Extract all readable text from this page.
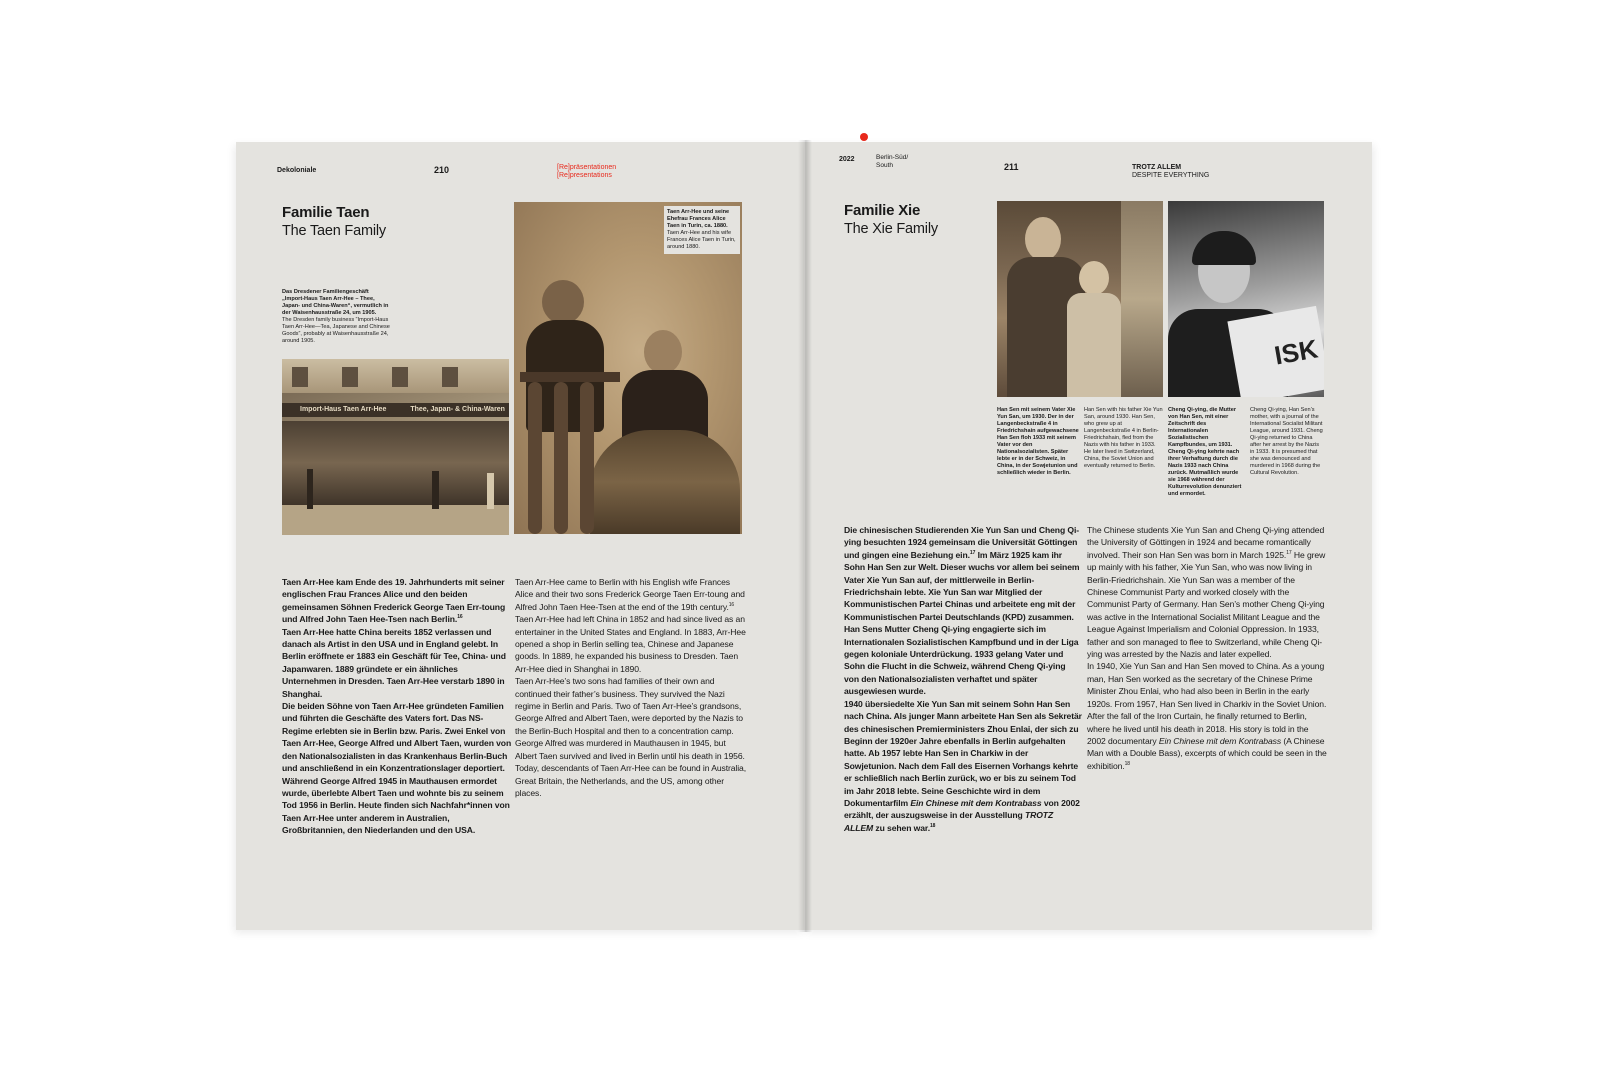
Dekoloniale	210	[Re]präsentationen
[Re]presentations
Familie Taen
The Taen Family
Das Dresdener Familiengeschäft „Import-Haus Taen Arr-Hee – Thee, Japan- und China-Waren“, vermutlich in der Waisenhausstraße 24, um 1905.
The Dresden family business “Import-Haus Taen Arr-Hee—Tea, Japanese and Chinese Goods”, probably at Waisenhausstraße 24, around 1905.
Import-Haus Taen Arr-Hee	Thee, Japan- & China-Waren
Taen Arr-Hee und seine Ehefrau Frances Alice Taen in Turin, ca. 1880.
Taen Arr-Hee and his wife Frances Alice Taen in Turin, around 1880.

Taen Arr-Hee kam Ende des 19. Jahrhunderts mit seiner englischen Frau Frances Alice und den beiden gemeinsamen Söhnen Frederick George Taen Err-toung und Alfred John Taen Hee-Tsen nach Berlin.$^{16}$

Taen Arr-Hee hatte China bereits 1852 verlassen und danach als Artist in den USA und in England gelebt. In Berlin eröffnete er 1883 ein Geschäft für Tee, China- und Japanwaren. 1889 gründete er ein ähnliches Unternehmen in Dresden. Taen Arr-Hee verstarb 1890 in Shanghai.

Die beiden Söhne von Taen Arr-Hee gründeten Familien und führten die Geschäfte des Vaters fort. Das NS-Regime erlebten sie in Berlin bzw. Paris. Zwei Enkel von Taen Arr-Hee, George Alfred und Albert Taen, wurden von den Nationalsozialisten in das Krankenhaus Berlin-Buch und anschließend in ein Konzentrationslager deportiert. Während George Alfred 1945 in Mauthausen ermordet wurde, überlebte Albert Taen und wohnte bis zu seinem Tod 1956 in Berlin. Heute finden sich Nachfahr*innen von Taen Arr-Hee unter anderem in Australien, Großbritannien, den Niederlanden und den USA.

Taen Arr-Hee came to Berlin with his English wife Frances Alice and their two sons Frederick George Taen Err-toung and Alfred John Taen Hee-Tsen at the end of the 19th century.$^{16}$ Taen Arr-Hee had left China in 1852 and had since lived as an entertainer in the United States and England. In 1883, Arr-Hee opened a shop in Berlin selling tea, Chinese and Japanese goods. In 1889, he expanded his business to Dresden. Taen Arr-Hee died in Shanghai in 1890.

Taen Arr-Hee’s two sons had families of their own and continued their father’s business. They survived the Nazi regime in Berlin and Paris. Two of Taen Arr-Hee’s grandsons, George Alfred and Albert Taen, were deported by the Nazis to the Berlin-Buch Hospital and then to a concentration camp. George Alfred was murdered in Mauthausen in 1945, but Albert Taen survived and lived in Berlin until his death in 1956. Today, descendants of Taen Arr-Hee can be found in Australia, Great Britain, the Netherlands, and the US, among other places.

2022	Berlin-Süd/ South	211	TROTZ ALLEM
DESPITE EVERYTHING
Familie Xie
The Xie Family
ISK
Han Sen mit seinem Vater Xie Yun San, um 1930. Der in der Langenbeckstraße 4 in Friedrichshain aufgewachsene Han Sen floh 1933 mit seinem Vater vor den Nationalsozialisten. Später lebte er in der Schweiz, in China, in der Sowjetunion und schließlich wieder in Berlin.
Han Sen with his father Xie Yun San, around 1930. Han Sen, who grew up at Langenbeckstraße 4 in Berlin-Friedrichshain, fled from the Nazis with his father in 1933. He later lived in Switzerland, China, the Soviet Union and eventually returned to Berlin.
Cheng Qi-ying, die Mutter von Han Sen, mit einer Zeitschrift des Internationalen Sozialistischen Kampfbundes, um 1931. Cheng Qi-ying kehrte nach ihrer Verhaftung durch die Nazis 1933 nach China zurück. Mutmaßlich wurde sie 1968 während der Kulturrevolution denunziert und ermordet.
Cheng Qi-ying, Han Sen’s mother, with a journal of the International Socialist Militant League, around 1931. Cheng Qi-ying returned to China after her arrest by the Nazis in 1933. It is presumed that she was denounced and murdered in 1968 during the Cultural Revolution.

Die chinesischen Studierenden Xie Yun San und Cheng Qi-ying besuchten 1924 gemeinsam die Universität Göttingen und gingen eine Beziehung ein.$^{17}$ Im März 1925 kam ihr Sohn Han Sen zur Welt. Dieser wuchs vor allem bei seinem Vater Xie Yun San auf, der mittlerweile in Berlin-Friedrichshain lebte. Xie Yun San war Mitglied der Kommunistischen Partei Chinas und arbeitete eng mit der Kommunistischen Partei Deutschlands (KPD) zusammen. Han Sens Mutter Cheng Qi-ying engagierte sich im Internationalen Sozialistischen Kampfbund und in der Liga gegen koloniale Unterdrückung. 1933 gelang Vater und Sohn die Flucht in die Schweiz, während Cheng Qi-ying von den Nationalsozialisten verhaftet und später ausgewiesen wurde.

1940 übersiedelte Xie Yun San mit seinem Sohn Han Sen nach China. Als junger Mann arbeitete Han Sen als Sekretär des chinesischen Premierministers Zhou Enlai, der sich zu Beginn der 1920er Jahre ebenfalls in Berlin aufgehalten hatte. Ab 1957 lebte Han Sen in Charkiw in der Sowjetunion. Nach dem Fall des Eisernen Vorhangs kehrte er schließlich nach Berlin zurück, wo er bis zu seinem Tod im Jahr 2018 lebte. Seine Geschichte wird in dem Dokumentarfilm Ein Chinese mit dem Kontrabass von 2002 erzählt, der auszugsweise in der Ausstellung TROTZ ALLEM zu sehen war.$^{18}$

The Chinese students Xie Yun San and Cheng Qi-ying attended the University of Göttingen in 1924 and became romantically involved. Their son Han Sen was born in March 1925.17 He grew up mainly with his father, Xie Yun San, who was now living in Berlin-Friedrichshain. Xie Yun San was a member of the Chinese Communist Party and worked closely with the Communist Party of Germany. Han Sen’s mother Cheng Qi-ying was active in the International Socialist Militant League and the League Against Imperialism and Colonial Oppression. In 1933, father and son managed to flee to Switzerland, while Cheng Qi-ying was arrested by the Nazis and later expelled.

In 1940, Xie Yun San and Han Sen moved to China. As a young man, Han Sen worked as the secretary of the Chinese Prime Minister Zhou Enlai, who had also been in Berlin in the early 1920s. From 1957, Han Sen lived in Charkiv in the Soviet Union. After the fall of the Iron Curtain, he finally returned to Berlin, where he lived until his death in 2018. His story is told in the 2002 documentary Ein Chinese mit dem Kontrabass (A Chinese Man with a Double Bass), excerpts of which could be seen in the exhibition.$^{18}$
